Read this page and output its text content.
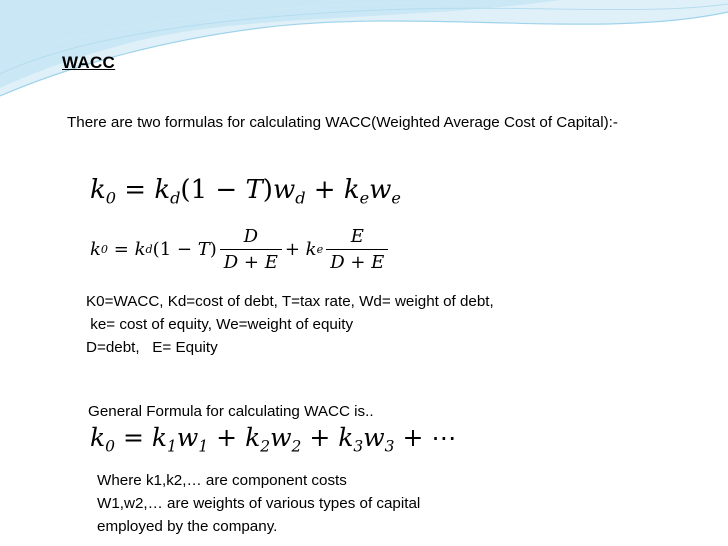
WACC
There are two formulas for calculating WACC(Weighted Average Cost of Capital):-
$k_0 = k_d(1 - T)w_d + k_ew_e$
k 0
=
k d (1 −
T ) $\frac{D}{D + E}$ +
k e $\frac{E}{D + E}$
K0=WACC, Kd=cost of debt, T=tax rate, Wd= weight of debt,
ke= cost of equity, We=weight of equity
D=debt,   E= Equity
General Formula for calculating WACC is..
$k_0 = k_1w_1 + k_2w_2 + k_3w_3$ + ⋯
Where k1,k2,… are component costs
W1,w2,… are weights of various types of capital
employed by the company.
